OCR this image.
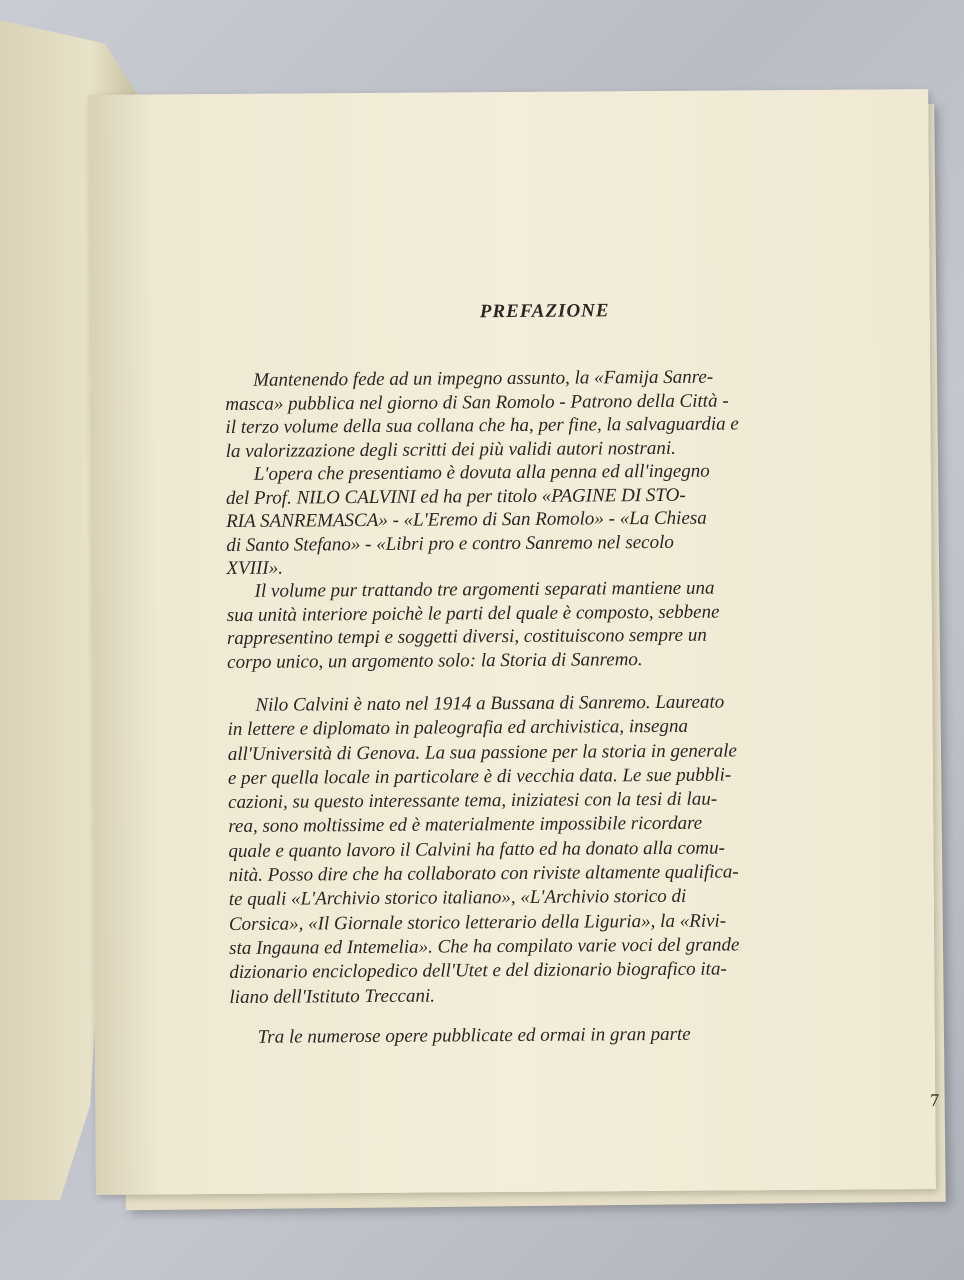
PREFAZIONE
Mantenendo fede ad un impegno assunto, la «Famija Sanre-
masca» pubblica nel giorno di San Romolo - Patrono della Città -
il terzo volume della sua collana che ha, per fine, la salvaguardia e
la valorizzazione degli scritti dei più validi autori nostrani.
L'opera che presentiamo è dovuta alla penna ed all'ingegno
del Prof. NILO CALVINI ed ha per titolo «PAGINE DI STO-
RIA SANREMASCA» - «L'Eremo di San Romolo» - «La Chiesa
di Santo Stefano» - «Libri pro e contro Sanremo nel secolo
XVIII».
Il volume pur trattando tre argomenti separati mantiene una
sua unità interiore poichè le parti del quale è composto, sebbene
rappresentino tempi e soggetti diversi, costituiscono sempre un
corpo unico, un argomento solo: la Storia di Sanremo.
Nilo Calvini è nato nel 1914 a Bussana di Sanremo. Laureato
in lettere e diplomato in paleografia ed archivistica, insegna
all'Università di Genova. La sua passione per la storia in generale
e per quella locale in particolare è di vecchia data. Le sue pubbli-
cazioni, su questo interessante tema, iniziatesi con la tesi di lau-
rea, sono moltissime ed è materialmente impossibile ricordare
quale e quanto lavoro il Calvini ha fatto ed ha donato alla comu-
nità. Posso dire che ha collaborato con riviste altamente qualifica-
te quali «L'Archivio storico italiano», «L'Archivio storico di
Corsica», «Il Giornale storico letterario della Liguria», la «Rivi-
sta Ingauna ed Intemelia». Che ha compilato varie voci del grande
dizionario enciclopedico dell'Utet e del dizionario biografico ita-
liano dell'Istituto Treccani.
Tra le numerose opere pubblicate ed ormai in gran parte
7
